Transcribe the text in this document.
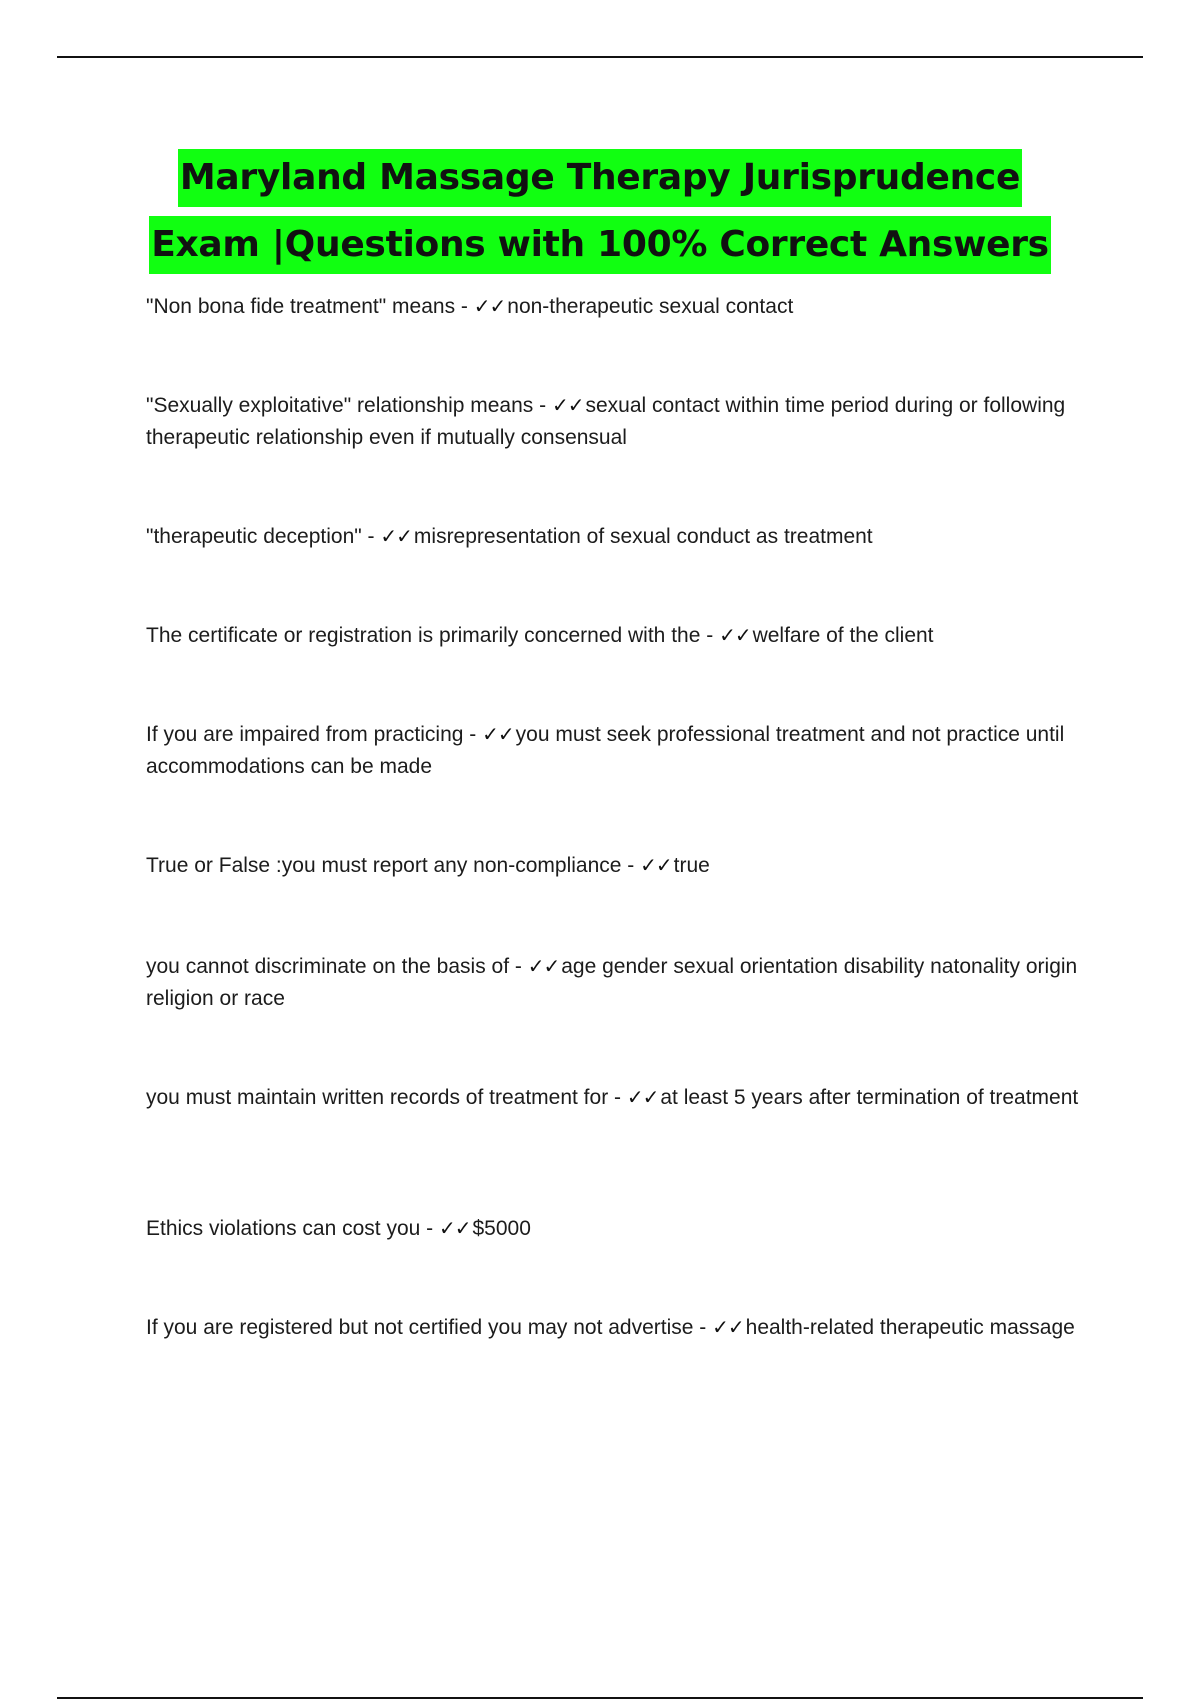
Maryland Massage Therapy Jurisprudence
Exam |Questions with 100% Correct Answers

"Non bona fide treatment" means - ✓✓non-therapeutic sexual contact

"Sexually exploitative" relationship means - ✓✓sexual contact within time period during or following therapeutic relationship even if mutually consensual

"therapeutic deception" - ✓✓misrepresentation of sexual conduct as treatment

The certificate or registration is primarily concerned with the - ✓✓welfare of the client

If you are impaired from practicing - ✓✓you must seek professional treatment and not practice until accommodations can be made

True or False :you must report any non-compliance - ✓✓true

you cannot discriminate on the basis of - ✓✓age gender sexual orientation disability natonality origin religion or race

you must maintain written records of treatment for - ✓✓at least 5 years after termination of treatment

Ethics violations can cost you - ✓✓$5000

If you are registered but not certified you may not advertise - ✓✓health-related therapeutic massage
